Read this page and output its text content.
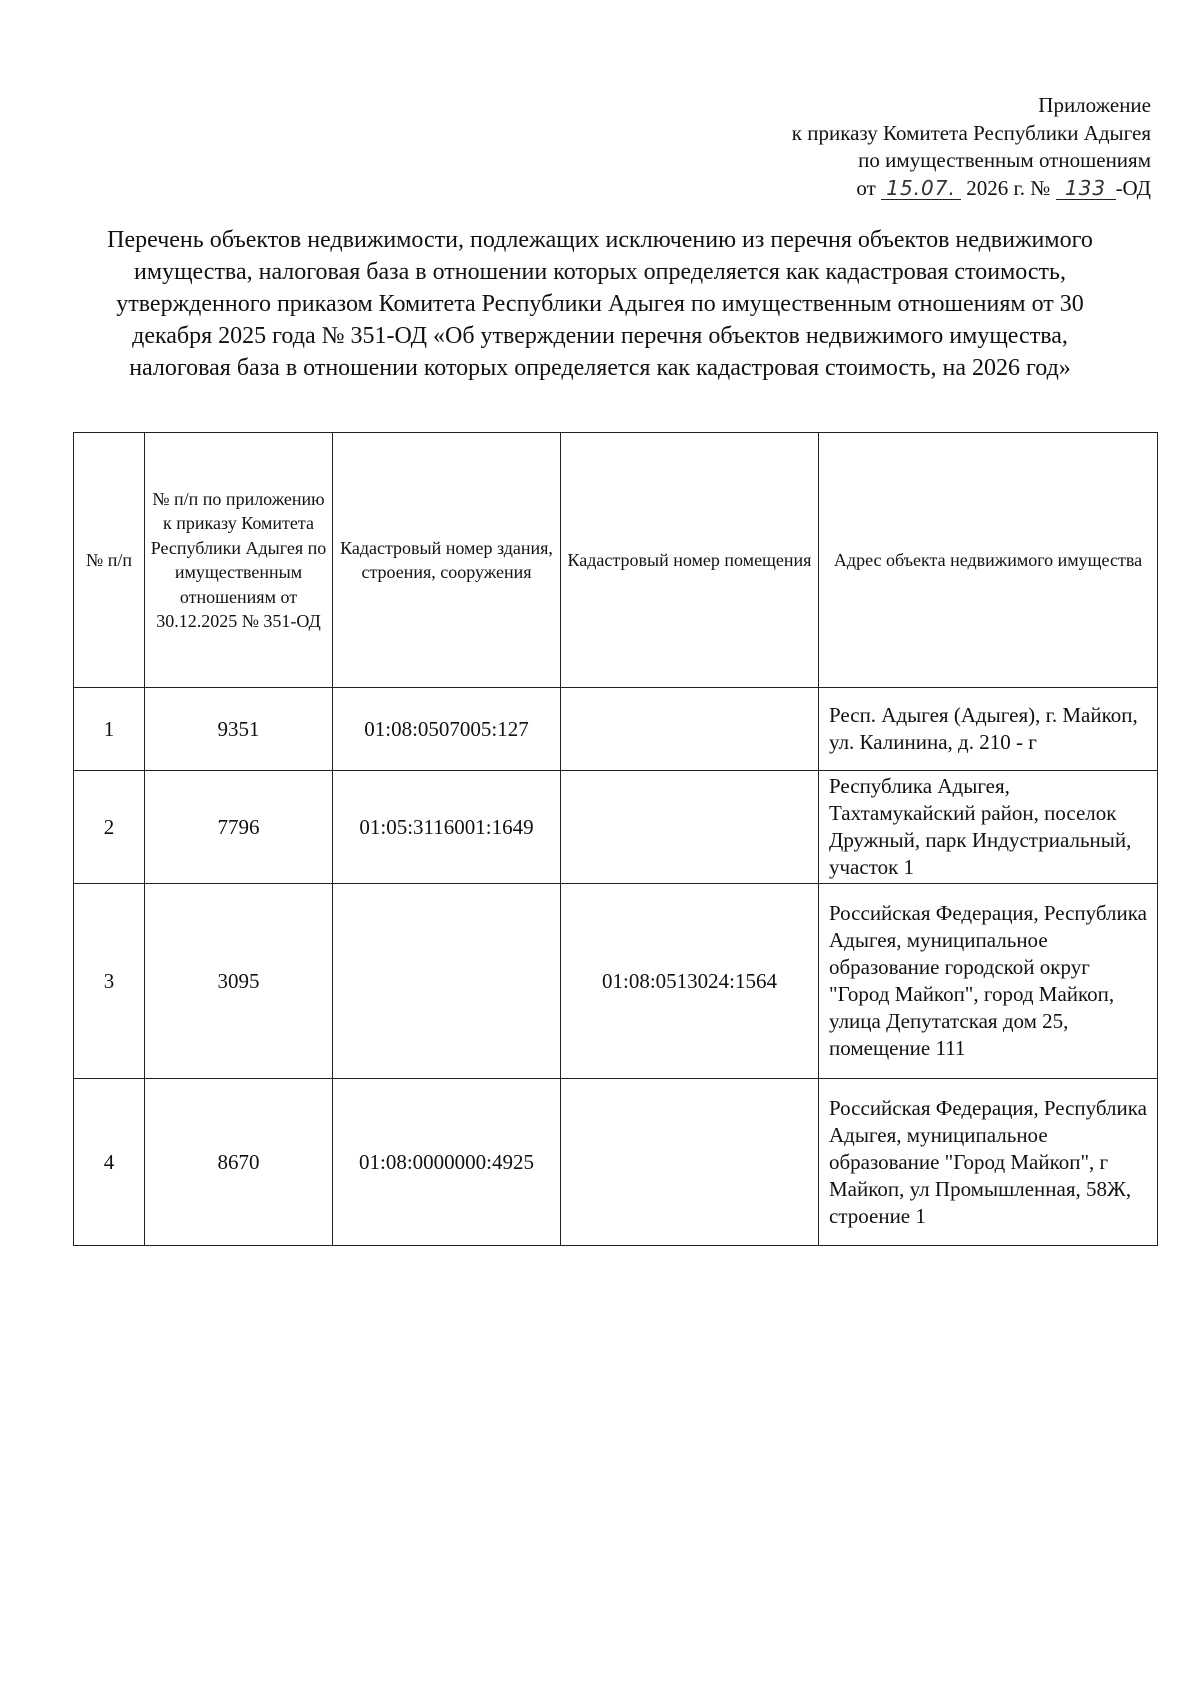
Приложение
к приказу Комитета Республики Адыгея
по имущественным отношениям
от 15.07. 2026 г. № 133 -ОД
Перечень объектов недвижимости, подлежащих исключению из перечня объектов недвижимого имущества, налоговая база в отношении которых определяется как кадастровая стоимость, утвержденного приказом Комитета Республики Адыгея по имущественным отношениям от 30 декабря 2025 года № 351-ОД «Об утверждении перечня объектов недвижимого имущества, налоговая база в отношении которых определяется как кадастровая стоимость, на 2026 год»
№ п/п	№ п/п по приложению к приказу Комитета Республики Адыгея по имущественным отношениям от 30.12.2025 № 351-ОД	Кадастровый номер здания, строения, сооружения	Кадастровый номер помещения	Адрес объекта недвижимого имущества
1	9351	01:08:0507005:127		Респ. Адыгея (Адыгея), г. Майкоп, ул. Калинина, д. 210 - г
2	7796	01:05:3116001:1649		Республика Адыгея, Тахтамукайский район, поселок Дружный, парк Индустриальный, участок 1
3	3095		01:08:0513024:1564	Российская Федерация, Республика Адыгея, муниципальное образование городской округ "Город Майкоп", город Майкоп, улица Депутатская дом 25, помещение 111
4	8670	01:08:0000000:4925		Российская Федерация, Республика Адыгея, муниципальное образование "Город Майкоп", г Майкоп, ул Промышленная, 58Ж, строение 1
